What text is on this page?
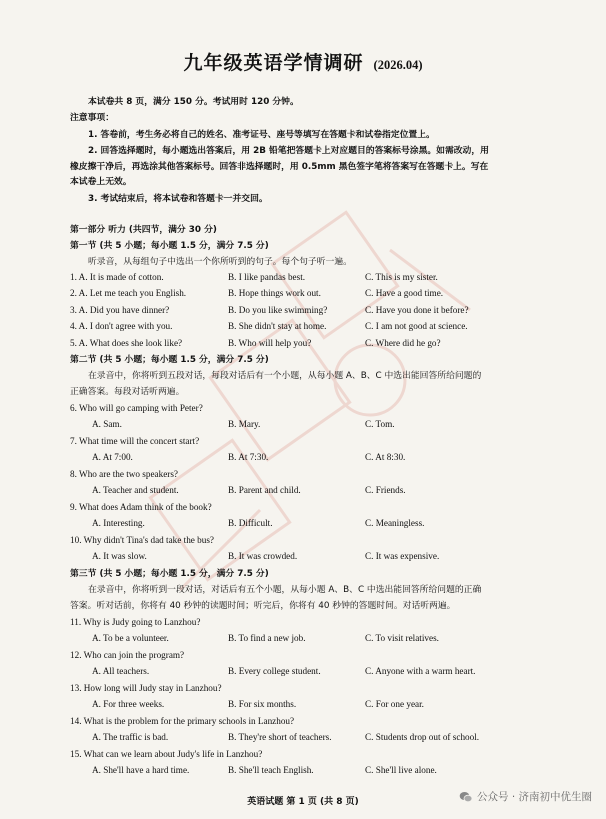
九年级英语学情调研 (2026.04)
本试卷共 8 页，满分 150 分。考试用时 120 分钟。
注意事项：
1. 答卷前，考生务必将自己的姓名、准考证号、座号等填写在答题卡和试卷指定位置上。
2. 回答选择题时，每小题选出答案后，用 2B 铅笔把答题卡上对应题目的答案标号涂黑。如需改动，用
橡皮擦干净后，再选涂其他答案标号。回答非选择题时，用 0.5mm 黑色签字笔将答案写在答题卡上。写在
本试卷上无效。
3. 考试结束后，将本试卷和答题卡一并交回。
第一部分 听力 (共四节，满分 30 分)
第一节 (共 5 小题；每小题 1.5 分，满分 7.5 分)
听录音，从每组句子中选出一个你所听到的句子。每个句子听一遍。
1. A. It is made of cotton.	B. I like pandas best.	C. This is my sister.
2. A. Let me teach you English.	B. Hope things work out.	C. Have a good time.
3. A. Did you have dinner?	B. Do you like swimming?	C. Have you done it before?
4. A. I don't agree with you.	B. She didn't stay at home.	C. I am not good at science.
5. A. What does she look like?	B. Who will help you?	C. Where did he go?
第二节 (共 5 小题；每小题 1.5 分，满分 7.5 分)
在录音中，你将听到五段对话，每段对话后有一个小题，从每小题 A、B、C 中选出能回答所给问题的
正确答案。每段对话听两遍。
6. Who will go camping with Peter?
A. Sam.	B. Mary.	C. Tom.
7. What time will the concert start?
A. At 7:00.	B. At 7:30.	C. At 8:30.
8. Who are the two speakers?
A. Teacher and student.	B. Parent and child.	C. Friends.
9. What does Adam think of the book?
A. Interesting.	B. Difficult.	C. Meaningless.
10. Why didn't Tina's dad take the bus?
A. It was slow.	B. It was crowded.	C. It was expensive.
第三节 (共 5 小题；每小题 1.5 分，满分 7.5 分)
在录音中，你将听到一段对话，对话后有五个小题，从每小题 A、B、C 中选出能回答所给问题的正确
答案。听对话前，你将有 40 秒钟的读题时间；听完后，你将有 40 秒钟的答题时间。对话听两遍。
11. Why is Judy going to Lanzhou?
A. To be a volunteer.	B. To find a new job.	C. To visit relatives.
12. Who can join the program?
A. All teachers.	B. Every college student.	C. Anyone with a warm heart.
13. How long will Judy stay in Lanzhou?
A. For three weeks.	B. For six months.	C. For one year.
14. What is the problem for the primary schools in Lanzhou?
A. The traffic is bad.	B. They're short of teachers.	C. Students drop out of school.
15. What can we learn about Judy's life in Lanzhou?
A. She'll have a hard time.	B. She'll teach English.	C. She'll live alone.
英语试题 第 1 页 (共 8 页)	公众号 · 济南初中优生圈
